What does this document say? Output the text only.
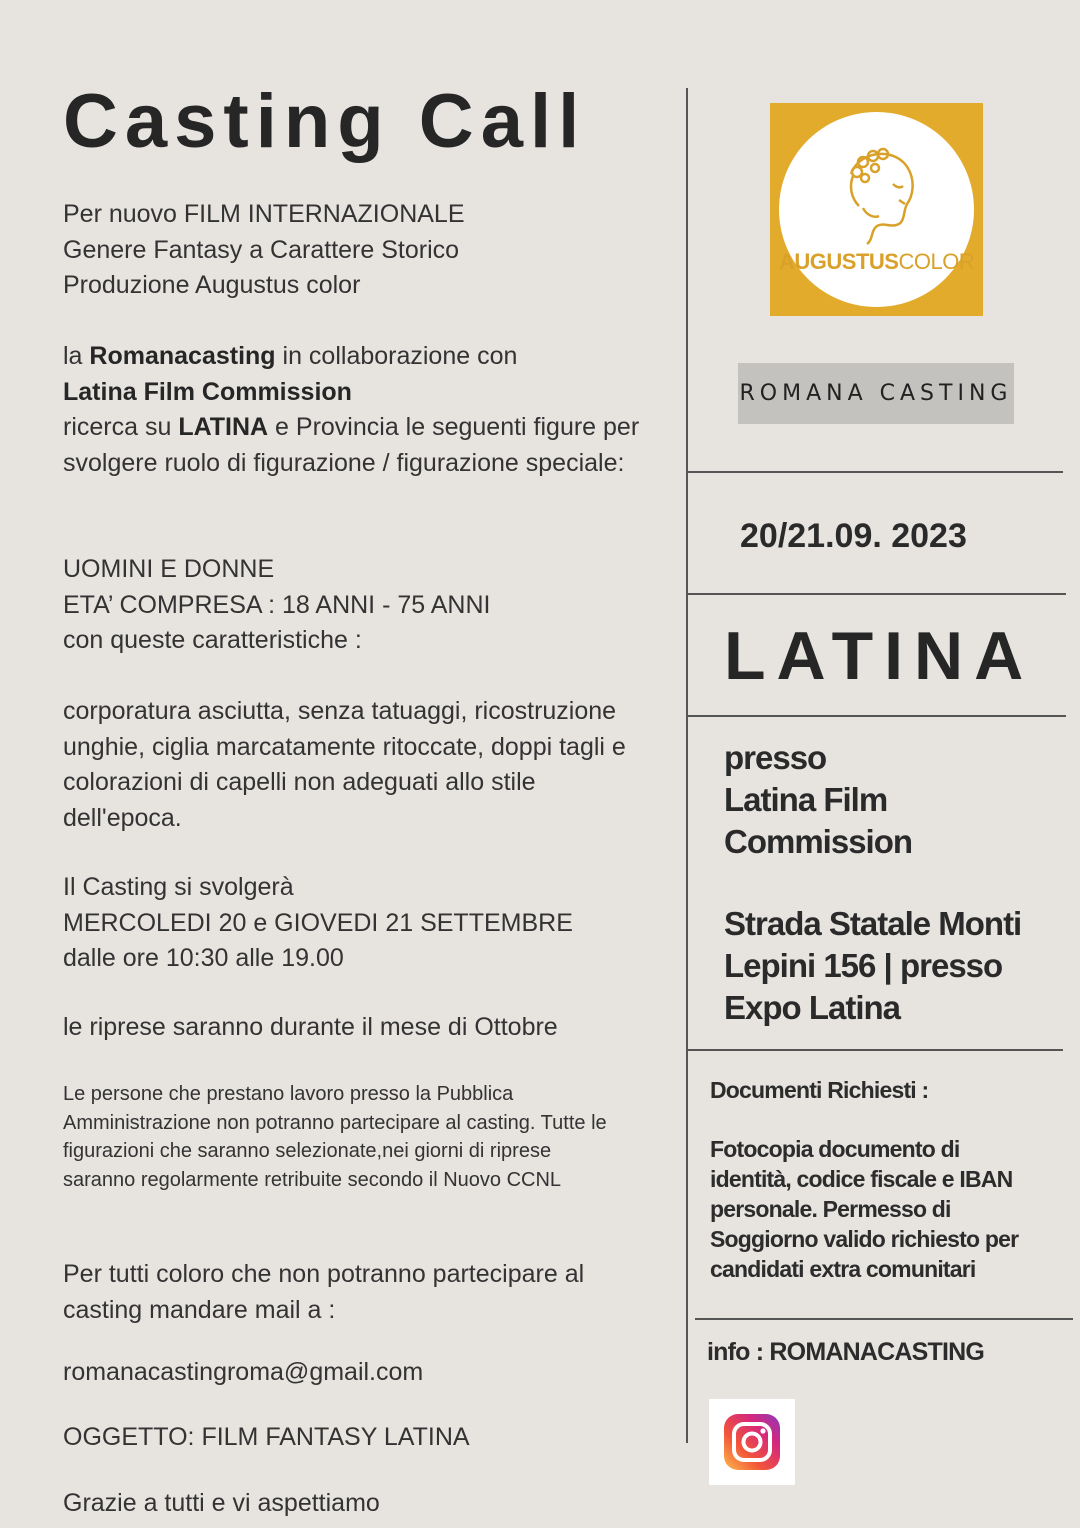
Casting Call

Per nuovo FILM INTERNAZIONALE

Genere Fantasy a Carattere Storico

Produzione Augustus color

la Romanacasting in collaborazione con

Latina Film Commission

ricerca su LATINA e Provincia le seguenti figure per svolgere ruolo di figurazione / figurazione speciale:

UOMINI E DONNE

ETA’ COMPRESA : 18 ANNI - 75 ANNI

con queste caratteristiche :

corporatura asciutta, senza tatuaggi, ricostruzione unghie, ciglia marcatamente ritoccate, doppi tagli e colorazioni di capelli non adeguati allo stile dell'epoca.

Il Casting si svolgerà

MERCOLEDI 20 e GIOVEDI 21 SETTEMBRE

dalle ore 10:30 alle 19.00

le riprese saranno durante il mese di Ottobre

Le persone che prestano lavoro presso la Pubblica Amministrazione non potranno partecipare al casting. Tutte le figurazioni che saranno selezionate,nei giorni di riprese saranno regolarmente retribuite secondo il Nuovo CCNL

Per tutti coloro che non potranno partecipare al casting mandare mail a :

romanacastingroma@gmail.com

OGGETTO: FILM FANTASY LATINA

Grazie a tutti e vi aspettiamo

AUGUSTUSCOLOR
ROMANA CASTING
20/21.09. 2023
LATINA
presso
Latina Film
Commission
Strada Statale Monti Lepini 156 | presso Expo Latina
Documenti Richiesti :
Fotocopia documento di identità, codice fiscale e IBAN personale. Permesso di Soggiorno valido richiesto per candidati extra comunitari
info : ROMANACASTING
